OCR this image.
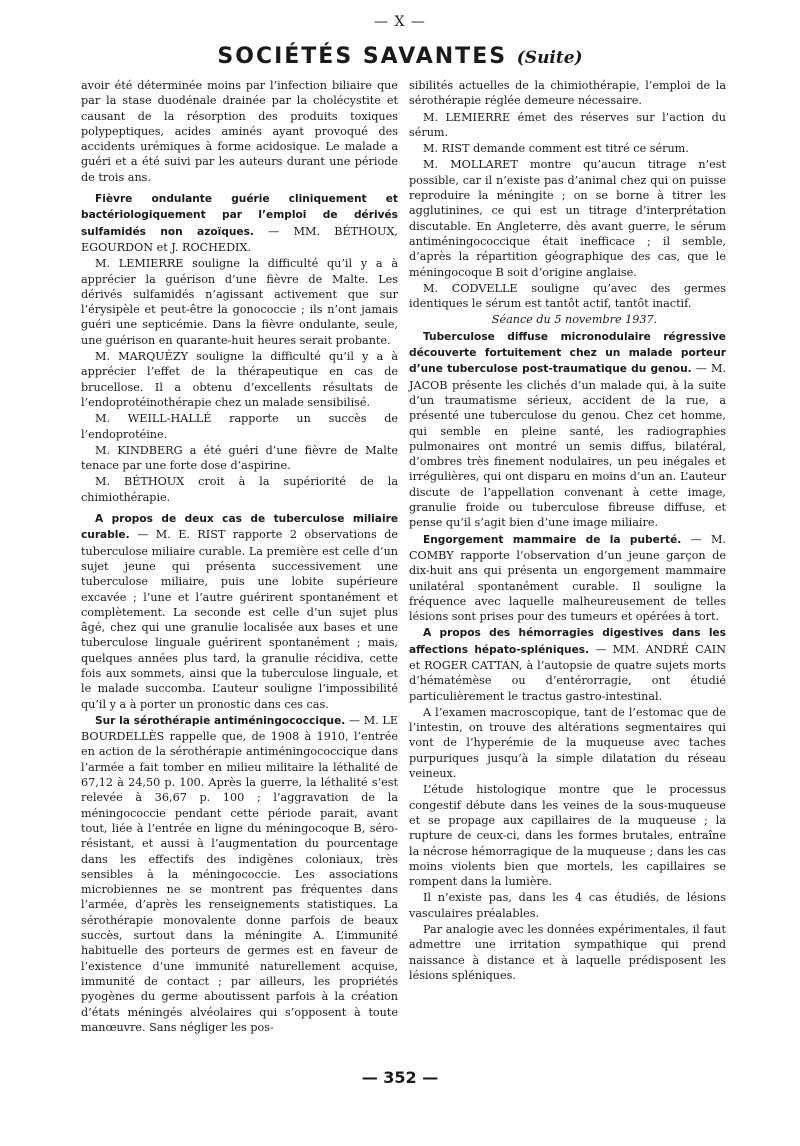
— X —
SOCIÉTÉS SAVANTES (Suite)

avoir été déterminée moins par l’infection biliaire que par la stase duodénale drainée par la cholécystite et causant de la résorption des produits toxiques polypeptiques, acides aminés ayant provoqué des accidents urémiques à forme acidosique. Le malade a guéri et a été suivi par les auteurs durant une période de trois ans.

Fièvre ondulante guérie cliniquement et bactériologiquement par l’emploi de dérivés sulfamidés non azoïques. — MM. BÉTHOUX, EGOURDON et J. ROCHEDIX.

M. LEMIERRE souligne la difficulté qu’il y a à apprécier la guérison d’une fièvre de Malte. Les dérivés sulfamidés n’agissant activement que sur l’érysipèle et peut-être la gonococcie ; ils n’ont jamais guéri une septicémie. Dans la fièvre ondulante, seule, une guérison en quarante-huit heures serait probante.

M. MARQUÉZY souligne la difficulté qu’il y a à apprécier l’effet de la thérapeutique en cas de brucellose. Il a obtenu d’excellents résultats de l’endoprotéinothérapie chez un malade sensibilisé.

M. WEILL-HALLÉ rapporte un succès de l’endoprotéine.

M. KINDBERG a été guéri d’une fièvre de Malte tenace par une forte dose d’aspirine.

M. BÉTHOUX croit à la supériorité de la chimiothérapie.

A propos de deux cas de tuberculose miliaire curable. — M. E. RIST rapporte 2 observations de tuberculose miliaire curable. La première est celle d’un sujet jeune qui présenta successivement une tuberculose miliaire, puis une lobite supérieure excavée ; l’une et l’autre guérirent spontanément et complètement. La seconde est celle d’un sujet plus âgé, chez qui une granulie localisée aux bases et une tuberculose linguale guérirent spontanément ; mais, quelques années plus tard, la granulie récidiva, cette fois aux sommets, ainsi que la tuberculose linguale, et le malade succomba. L’auteur souligne l’impossibilité qu’il y a à porter un pronostic dans ces cas.

Sur la sérothérapie antiméningococcique. — M. LE BOURDELLÈS rappelle que, de 1908 à 1910, l’entrée en action de la sérothérapie antiméningococcique dans l’armée a fait tomber en milieu militaire la léthalité de 67,12 à 24,50 p. 100. Après la guerre, la léthalité s’est relevée à 36,67 p. 100 ; l’aggravation de la méningococcie pendant cette période parait, avant tout, liée à l’entrée en ligne du méningocoque B, séro-résistant, et aussi à l’augmentation du pourcentage dans les effectifs des indigènes coloniaux, très sensibles à la méningococcie. Les associations microbiennes ne se montrent pas fréquentes dans l’armée, d’après les renseignements statistiques. La sérothérapie monovalente donne parfois de beaux succès, surtout dans la méningite A. L’immunité habituelle des porteurs de germes est en faveur de l’existence d’une immunité naturellement acquise, immunité de contact ; par ailleurs, les propriétés pyogènes du germe aboutissent parfois à la création d’états méningés alvéolaires qui s’opposent à toute manœuvre. Sans négliger les pos-

sibilités actuelles de la chimiothérapie, l’emploi de la sérothérapie réglée demeure nécessaire.

M. LEMIERRE émet des réserves sur l’action du sérum.

M. RIST demande comment est titré ce sérum.

M. MOLLARET montre qu’aucun titrage n’est possible, car il n’existe pas d’animal chez qui on puisse reproduire la méningite ; on se borne à titrer les agglutinines, ce qui est un titrage d’interprétation discutable. En Angleterre, dès avant guerre, le sérum antiméningococcique était inefficace ; il semble, d’après la répartition géographique des cas, que le méningocoque B soit d’origine anglaise.

M. CODVELLE souligne qu’avec des germes identiques le sérum est tantôt actif, tantôt inactif.

Séance du 5 novembre 1937.

Tuberculose diffuse micronodulaire régressive découverte fortuitement chez un malade porteur d’une tuberculose post-traumatique du genou. — M. JACOB présente les clichés d’un malade qui, à la suite d’un traumatisme sérieux, accident de la rue, a présenté une tuberculose du genou. Chez cet homme, qui semble en pleine santé, les radiographies pulmonaires ont montré un semis diffus, bilatéral, d’ombres très finement nodulaires, un peu inégales et irrégulières, qui ont disparu en moins d’un an. L’auteur discute de l’appellation convenant à cette image, granulie froide ou tuberculose fibreuse diffuse, et pense qu’il s’agit bien d’une image miliaire.

Engorgement mammaire de la puberté. — M. COMBY rapporte l’observation d’un jeune garçon de dix-huit ans qui présenta un engorgement mammaire unilatéral spontanément curable. Il souligne la fréquence avec laquelle malheureusement de telles lésions sont prises pour des tumeurs et opérées à tort.

A propos des hémorragies digestives dans les affections hépato-spléniques. — MM. ANDRÉ CAIN et ROGER CATTAN, à l’autopsie de quatre sujets morts d’hématémèse ou d’entérorragie, ont étudié particulièrement le tractus gastro-intestinal.

A l’examen macroscopique, tant de l’estomac que de l’intestin, on trouve des altérations segmentaires qui vont de l’hyperémie de la muqueuse avec taches purpuriques jusqu’à la simple dilatation du réseau veineux.

L’étude histologique montre que le processus congestif débute dans les veines de la sous-muqueuse et se propage aux capillaires de la muqueuse ; la rupture de ceux-ci, dans les formes brutales, entraîne la nécrose hémorragique de la muqueuse ; dans les cas moins violents bien que mortels, les capillaires se rompent dans la lumière.

Il n’existe pas, dans les 4 cas étudiés, de lésions vasculaires préalables.

Par analogie avec les données expérimentales, il faut admettre une irritation sympathique qui prend naissance à distance et à laquelle prédisposent les lésions spléniques.

— 352 —
